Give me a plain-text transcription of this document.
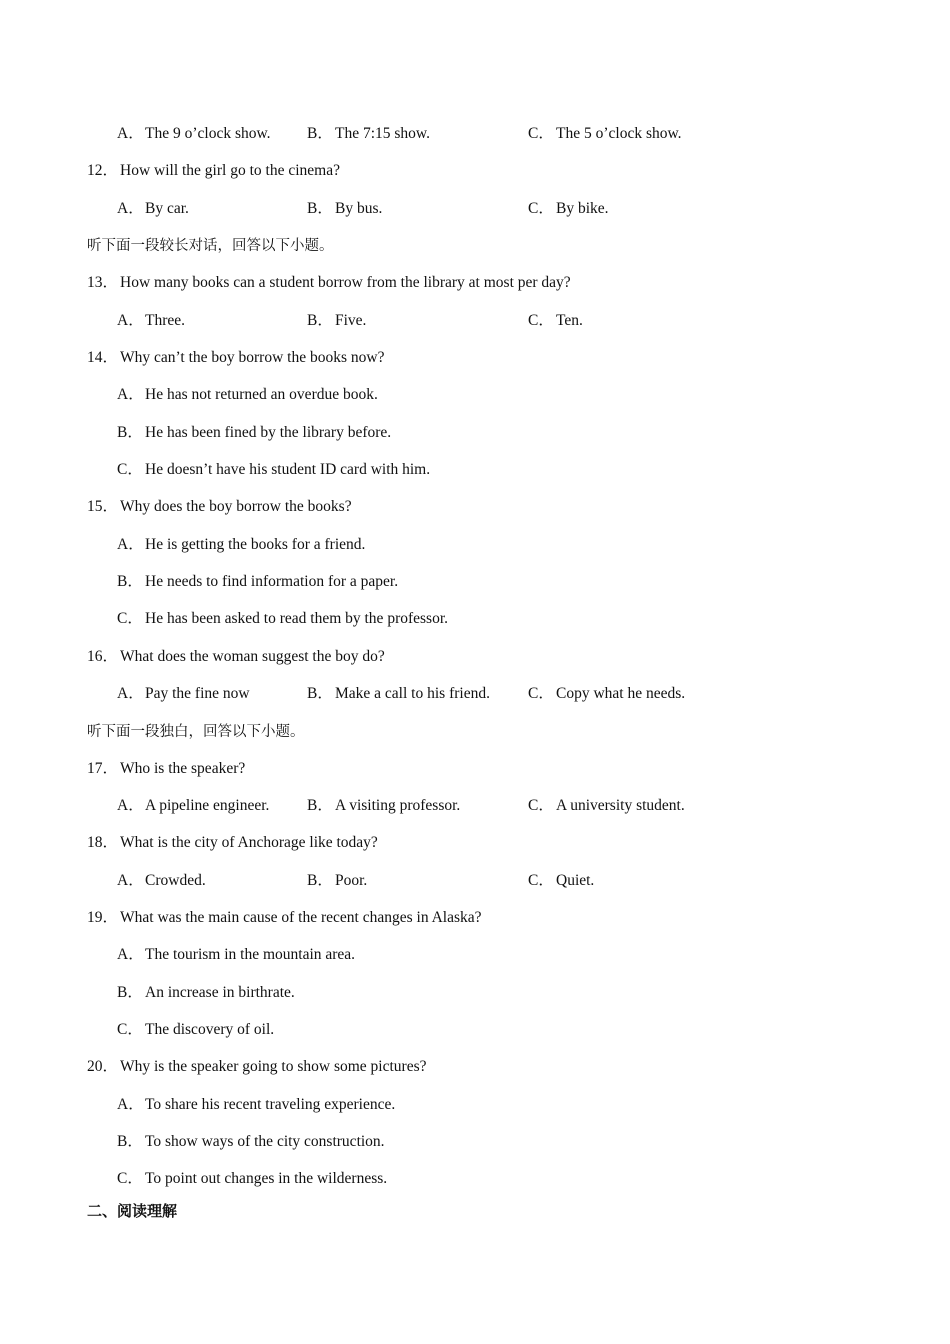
A．The 9 o’clock show. B． The 7:15 show.	C． The 5 o’clock show.
12． How will the girl go to the cinema?
A．By car.	B． By bus.	C． By bike.
听下面一段较长对话，回答以下小题。
13． How many books can a student borrow from the library at most per day?
A．Three.	B． Five.	C． Ten.
14． Why can’t the boy borrow the books now?
A．He has not returned an overdue book.
B． He has been fined by the library before.
C． He doesn’t have his student ID card with him.
15． Why does the boy borrow the books?
A．He is getting the books for a friend.
B． He needs to find information for a paper.
C． He has been asked to read them by the professor.
16． What does the woman suggest the boy do?
A．Pay the fine now	B． Make a call to his friend. C． Copy what he needs.
听下面一段独白，回答以下小题。
17． Who is the speaker?
A．A pipeline engineer. B． A visiting professor.	C． A university student.
18． What is the city of Anchorage like today?
A．Crowded.	B． Poor.	C． Quiet.
19． What was the main cause of the recent changes in Alaska?
A．The tourism in the mountain area.
B． An increase in birthrate.
C． The discovery of oil.
20． Why is the speaker going to show some pictures?
A．To share his recent traveling experience.
B． To show ways of the city construction.
C． To point out changes in the wilderness.
二、阅读理解
